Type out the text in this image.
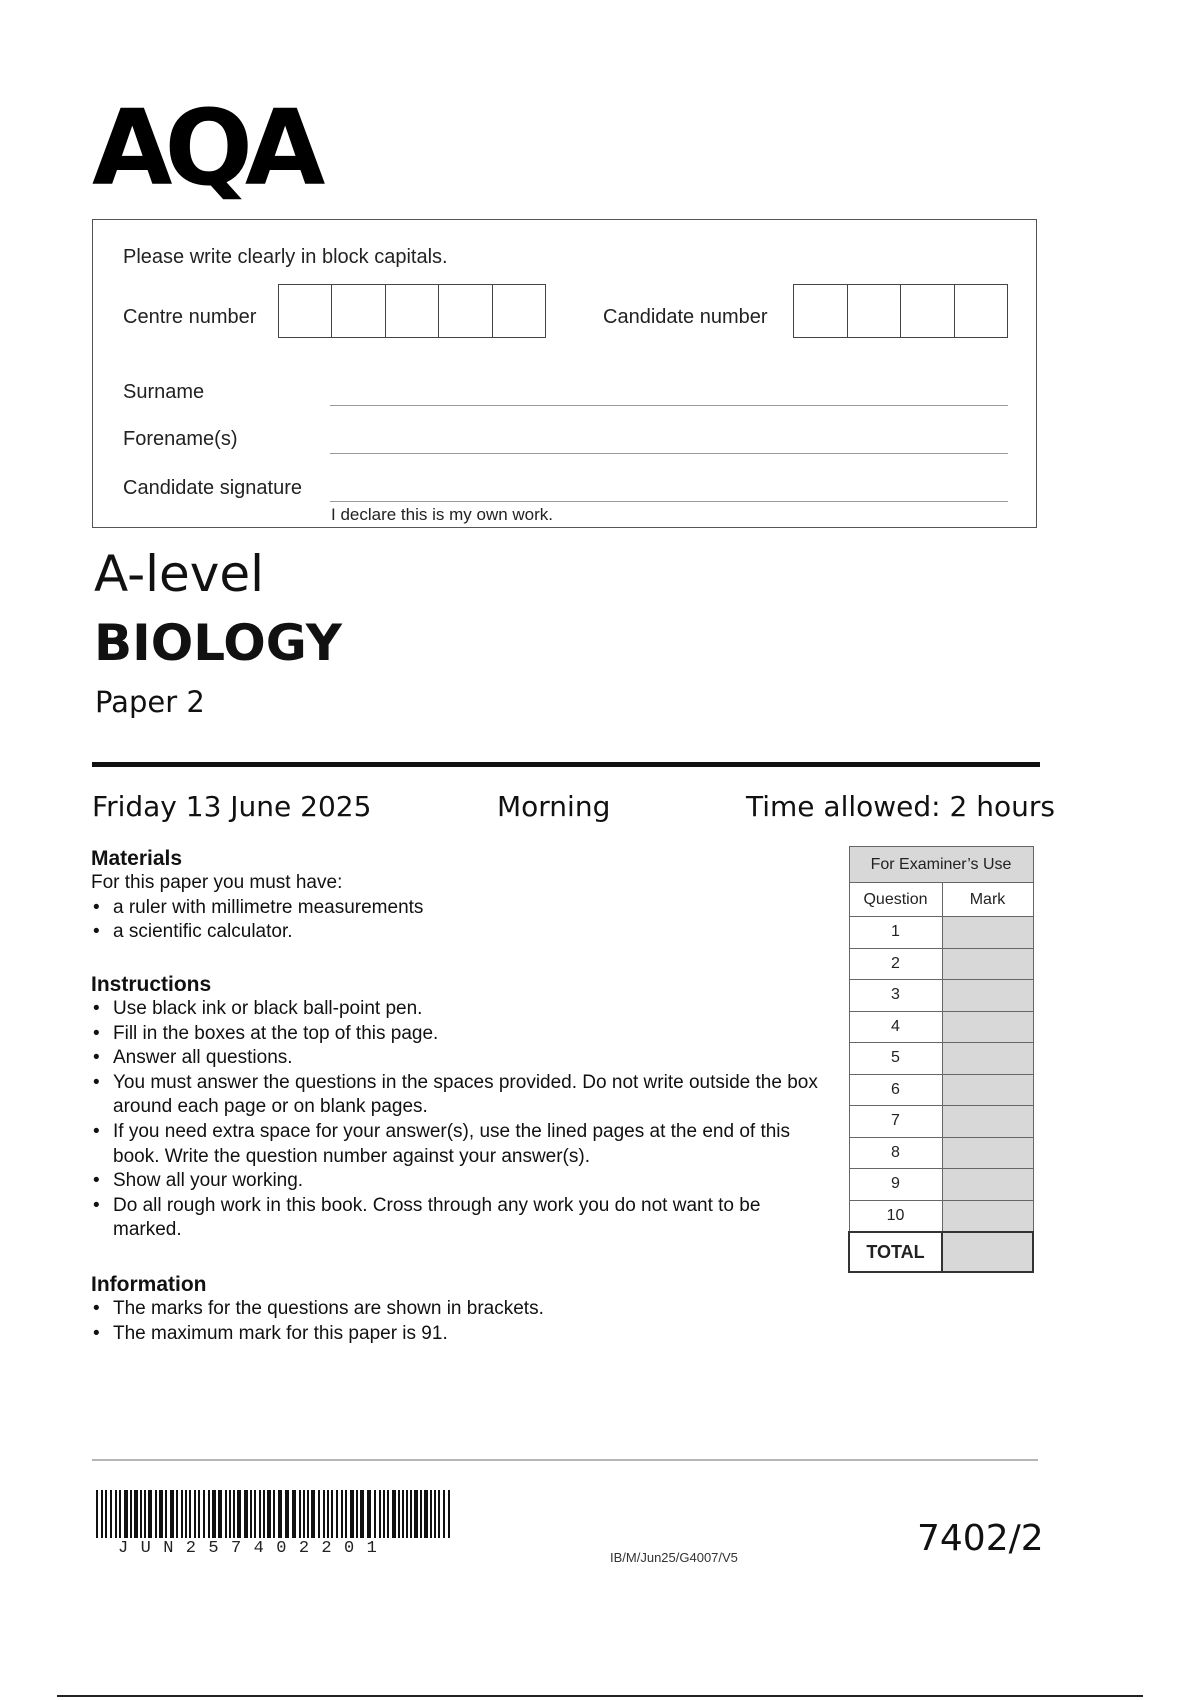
AQA
Please write clearly in block capitals.
Centre number	Candidate number
Surname
Forename(s)
Candidate signature
I declare this is my own work.
A-level
BIOLOGY
Paper 2
Friday 13 June 2025	Morning	Time allowed: 2 hours
Materials
For this paper you must have:
• a ruler with millimetre measurements
• a scientific calculator.
Instructions
• Use black ink or black ball-point pen.
• Fill in the boxes at the top of this page.
• Answer all questions.
• You must answer the questions in the spaces provided. Do not write outside the box around each page or on blank pages.
• If you need extra space for your answer(s), use the lined pages at the end of this book. Write the question number against your answer(s).
• Show all your working.
• Do all rough work in this book. Cross through any work you do not want to be marked.
Information
• The marks for the questions are shown in brackets.
• The maximum mark for this paper is 91.
For Examiner’s Use	
Question	Mark
1	
2	
3	
4	
5	
6	
7	
8	
9	
10	
TOTAL	
JUN257402201	IB/M/Jun25/G4007/V5	7402/2
